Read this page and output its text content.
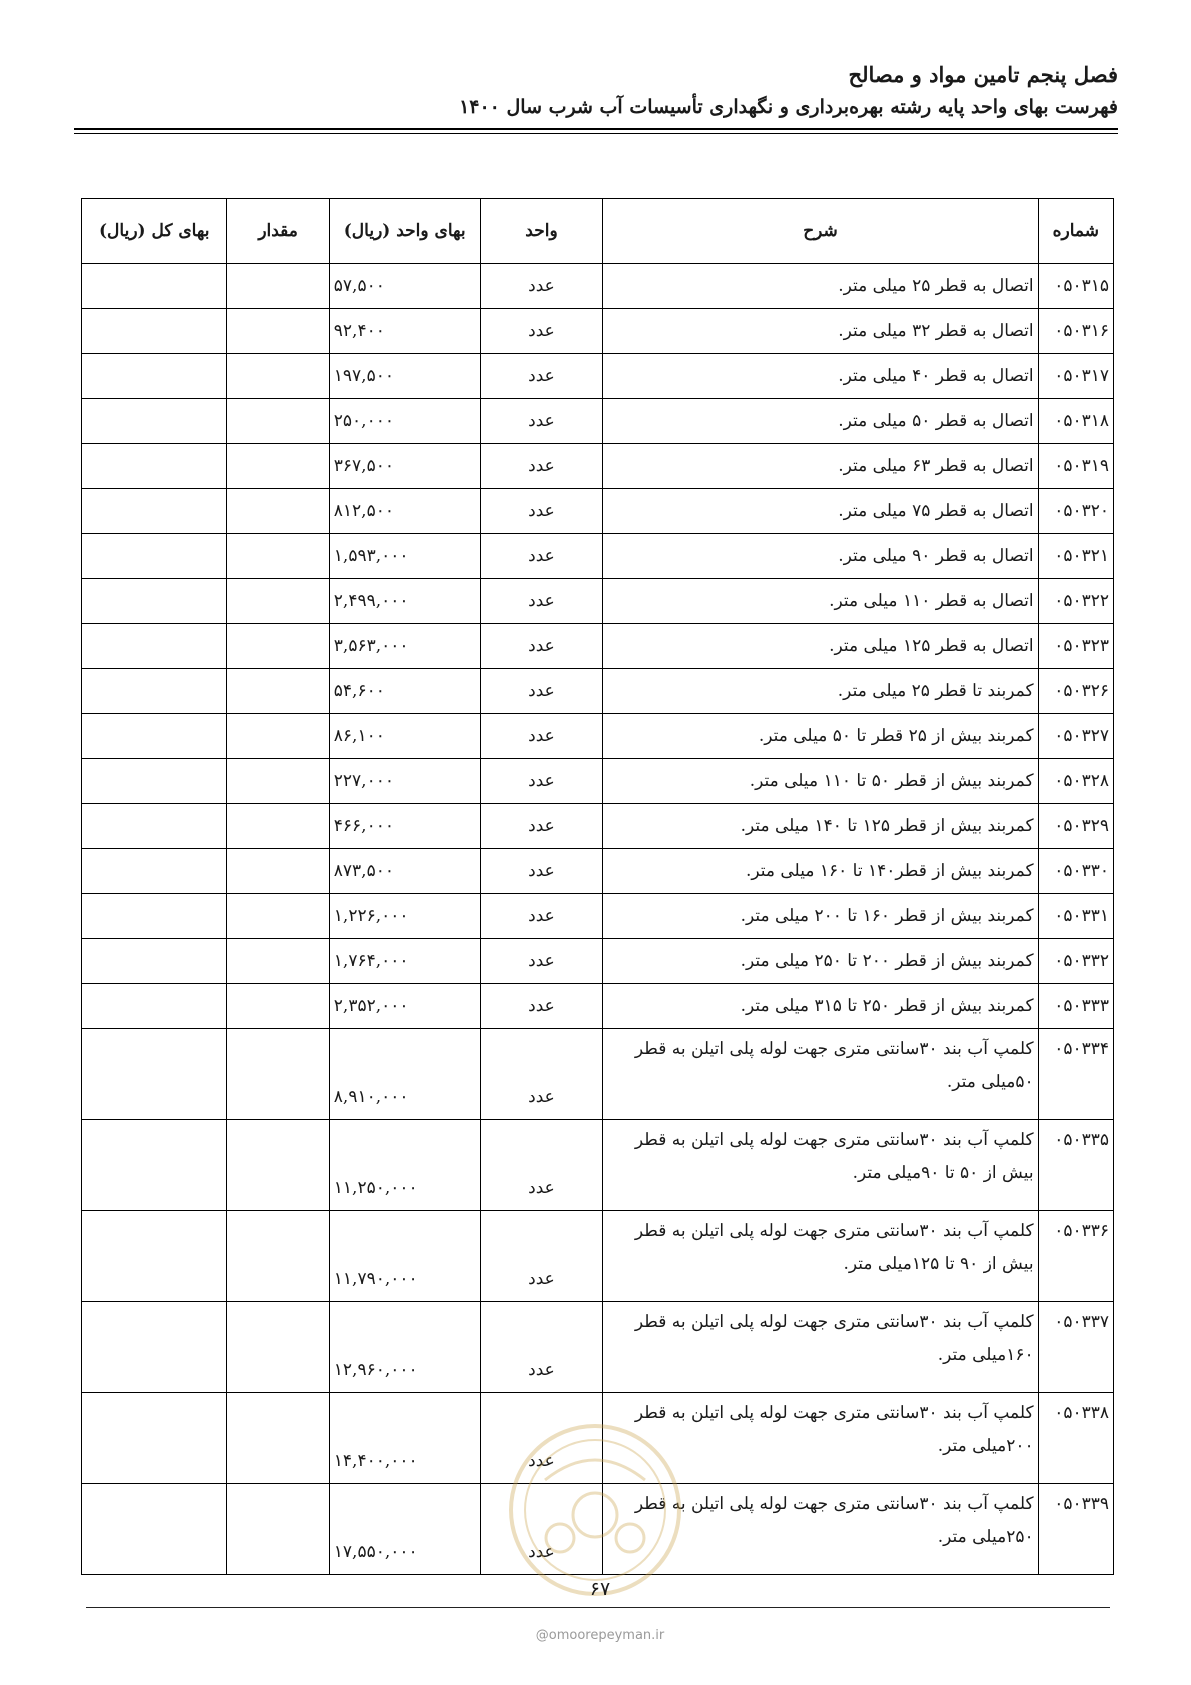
فصل پنجم تامین مواد و مصالح
فهرست بهای واحد پایه رشته بهره‌برداری و نگهداری تأسیسات آب شرب سال ۱۴۰۰
شماره	شرح	واحد	بهای واحد (ریال)	مقدار	بهای کل (ریال)
۰۵۰۳۱۵	اتصال به قطر ۲۵ میلی متر.	عدد	۵۷,۵۰۰		
۰۵۰۳۱۶	اتصال به قطر ۳۲ میلی متر.	عدد	۹۲,۴۰۰		
۰۵۰۳۱۷	اتصال به قطر ۴۰ میلی متر.	عدد	۱۹۷,۵۰۰		
۰۵۰۳۱۸	اتصال به قطر ۵۰ میلی متر.	عدد	۲۵۰,۰۰۰		
۰۵۰۳۱۹	اتصال به قطر ۶۳ میلی متر.	عدد	۳۶۷,۵۰۰		
۰۵۰۳۲۰	اتصال به قطر ۷۵ میلی متر.	عدد	۸۱۲,۵۰۰		
۰۵۰۳۲۱	اتصال به قطر ۹۰ میلی متر.	عدد	۱,۵۹۳,۰۰۰		
۰۵۰۳۲۲	اتصال به قطر ۱۱۰ میلی متر.	عدد	۲,۴۹۹,۰۰۰		
۰۵۰۳۲۳	اتصال به قطر ۱۲۵ میلی متر.	عدد	۳,۵۶۳,۰۰۰		
۰۵۰۳۲۶	کمربند تا قطر ۲۵ میلی متر.	عدد	۵۴,۶۰۰		
۰۵۰۳۲۷	کمربند بیش از ۲۵ قطر تا ۵۰ میلی متر.	عدد	۸۶,۱۰۰		
۰۵۰۳۲۸	کمربند بیش از قطر ۵۰ تا ۱۱۰ میلی متر.	عدد	۲۲۷,۰۰۰		
۰۵۰۳۲۹	کمربند بیش از قطر ۱۲۵ تا ۱۴۰ میلی متر.	عدد	۴۶۶,۰۰۰		
۰۵۰۳۳۰	کمربند بیش از قطر۱۴۰ تا ۱۶۰ میلی متر.	عدد	۸۷۳,۵۰۰		
۰۵۰۳۳۱	کمربند بیش از قطر ۱۶۰ تا ۲۰۰ میلی متر.	عدد	۱,۲۲۶,۰۰۰		
۰۵۰۳۳۲	کمربند بیش از قطر ۲۰۰ تا ۲۵۰ میلی متر.	عدد	۱,۷۶۴,۰۰۰		
۰۵۰۳۳۳	کمربند بیش از قطر ۲۵۰ تا ۳۱۵ میلی متر.	عدد	۲,۳۵۲,۰۰۰		
۰۵۰۳۳۴	کلمپ آب بند ۳۰سانتی متری جهت لوله پلی اتیلن به قطر ۵۰میلی متر.	عدد	۸,۹۱۰,۰۰۰		
۰۵۰۳۳۵	کلمپ آب بند ۳۰سانتی متری جهت لوله پلی اتیلن به قطر بیش از ۵۰ تا ۹۰میلی متر.	عدد	۱۱,۲۵۰,۰۰۰		
۰۵۰۳۳۶	کلمپ آب بند ۳۰سانتی متری جهت لوله پلی اتیلن به قطر بیش از ۹۰ تا ۱۲۵میلی متر.	عدد	۱۱,۷۹۰,۰۰۰		
۰۵۰۳۳۷	کلمپ آب بند ۳۰سانتی متری جهت لوله پلی اتیلن به قطر ۱۶۰میلی متر.	عدد	۱۲,۹۶۰,۰۰۰		
۰۵۰۳۳۸	کلمپ آب بند ۳۰سانتی متری جهت لوله پلی اتیلن به قطر ۲۰۰میلی متر.	عدد	۱۴,۴۰۰,۰۰۰		
۰۵۰۳۳۹	کلمپ آب بند ۳۰سانتی متری جهت لوله پلی اتیلن به قطر ۲۵۰میلی متر.	عدد	۱۷,۵۵۰,۰۰۰		
۶۷
@omoorepeyman.ir
